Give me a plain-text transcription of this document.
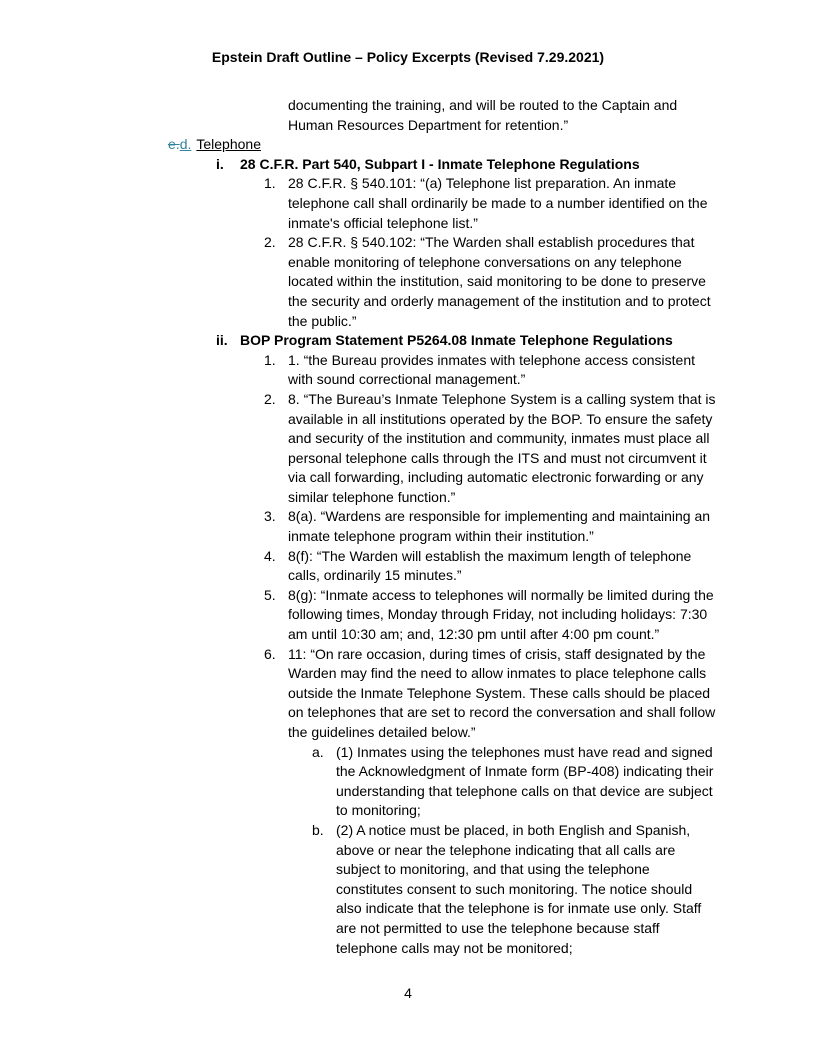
Epstein Draft Outline – Policy Excerpts (Revised 7.29.2021)

documenting the training, and will be routed to the Captain and Human Resources Department for retention.”

e.d. Telephone

i.	28 C.F.R. Part 540, Subpart I - Inmate Telephone Regulations
1. 28 C.F.R. § 540.101: “(a) Telephone list preparation. An inmate telephone call shall ordinarily be made to a number identified on the inmate's official telephone list.”
2. 28 C.F.R. § 540.102: “The Warden shall establish procedures that enable monitoring of telephone conversations on any telephone located within the institution, said monitoring to be done to preserve the security and orderly management of the institution and to protect the public.”
ii. BOP Program Statement P5264.08 Inmate Telephone Regulations
1. 1. “the Bureau provides inmates with telephone access consistent with sound correctional management.”
2. 8. “The Bureau’s Inmate Telephone System is a calling system that is available in all institutions operated by the BOP. To ensure the safety and security of the institution and community, inmates must place all personal telephone calls through the ITS and must not circumvent it via call forwarding, including automatic electronic forwarding or any similar telephone function.”
3. 8(a). “Wardens are responsible for implementing and maintaining an inmate telephone program within their institution.”
4. 8(f): “The Warden will establish the maximum length of telephone calls, ordinarily 15 minutes.”
5. 8(g): “Inmate access to telephones will normally be limited during the following times, Monday through Friday, not including holidays: 7:30 am until 10:30 am; and, 12:30 pm until after 4:00 pm count.”
6. 11: “On rare occasion, during times of crisis, staff designated by the Warden may find the need to allow inmates to place telephone calls outside the Inmate Telephone System. These calls should be placed on telephones that are set to record the conversation and shall follow the guidelines detailed below.”
a. (1) Inmates using the telephones must have read and signed the Acknowledgment of Inmate form (BP-408) indicating their understanding that telephone calls on that device are subject to monitoring;
b. (2) A notice must be placed, in both English and Spanish, above or near the telephone indicating that all calls are subject to monitoring, and that using the telephone constitutes consent to such monitoring. The notice should also indicate that the telephone is for inmate use only. Staff are not permitted to use the telephone because staff telephone calls may not be monitored;
4
